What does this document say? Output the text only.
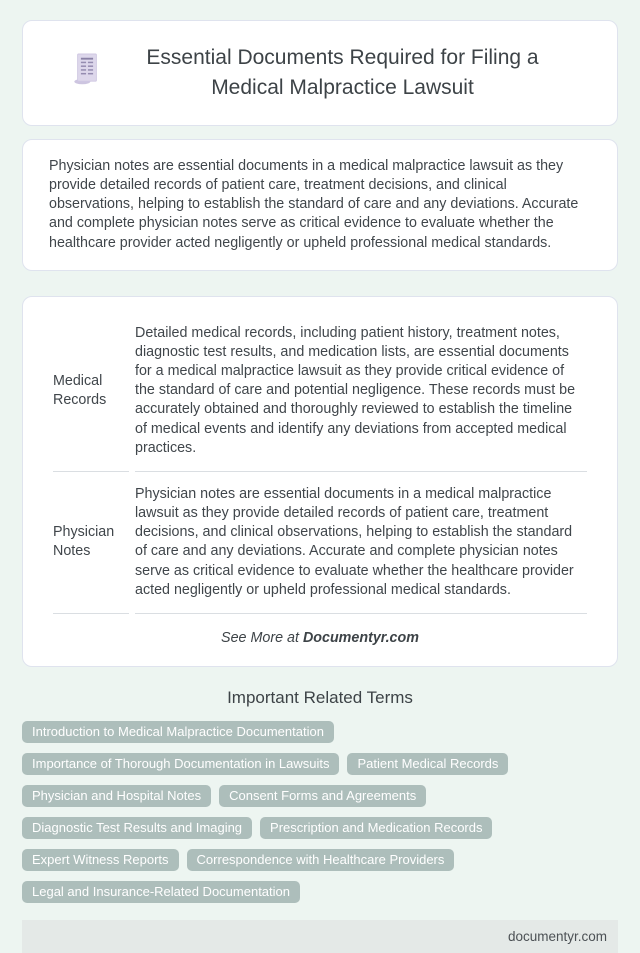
Essential Documents Required for Filing a Medical Malpractice Lawsuit
Physician notes are essential documents in a medical malpractice lawsuit as they provide detailed records of patient care, treatment decisions, and clinical observations, helping to establish the standard of care and any deviations. Accurate and complete physician notes serve as critical evidence to evaluate whether the healthcare provider acted negligently or upheld professional medical standards.
Medical Records	Detailed medical records, including patient history, treatment notes, diagnostic test results, and medication lists, are essential documents for a medical malpractice lawsuit as they provide critical evidence of the standard of care and potential negligence. These records must be accurately obtained and thoroughly reviewed to establish the timeline of medical events and identify any deviations from accepted medical practices.
Physician Notes	Physician notes are essential documents in a medical malpractice lawsuit as they provide detailed records of patient care, treatment decisions, and clinical observations, helping to establish the standard of care and any deviations. Accurate and complete physician notes serve as critical evidence to evaluate whether the healthcare provider acted negligently or upheld professional medical standards.
See More at Documentyr.com
Important Related Terms
Introduction to Medical Malpractice Documentation
Importance of Thorough Documentation in Lawsuits	Patient Medical Records
Physician and Hospital Notes	Consent Forms and Agreements
Diagnostic Test Results and Imaging	Prescription and Medication Records
Expert Witness Reports	Correspondence with Healthcare Providers
Legal and Insurance-Related Documentation
documentyr.com
